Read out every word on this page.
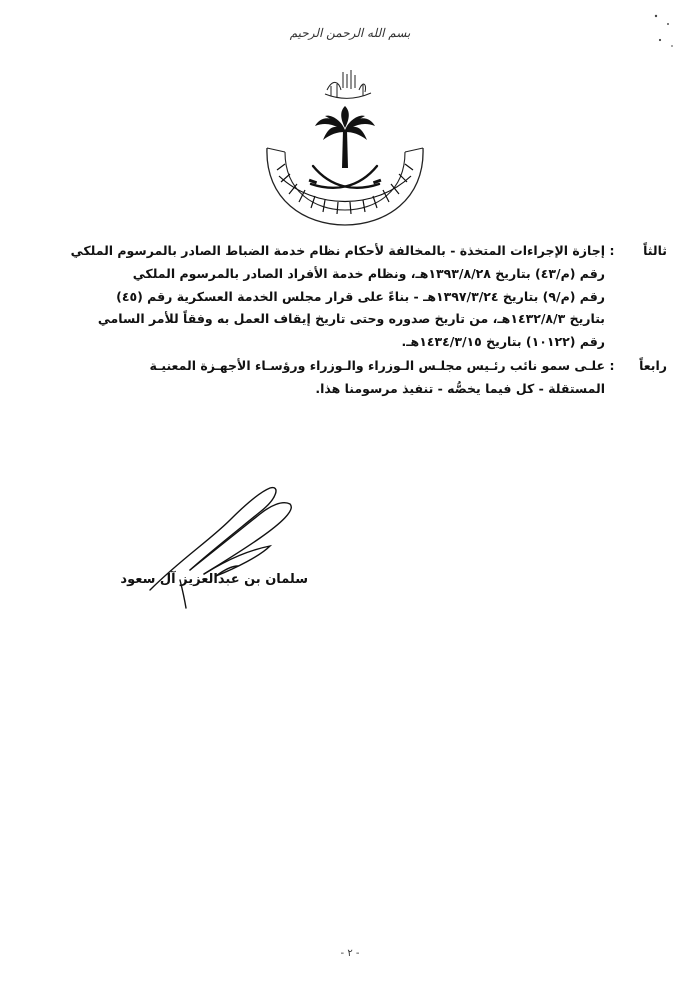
بسم الله الرحمن الرحيم
ثالثاً
:
إجازة الإجراءات المتخذة - بالمخالفة لأحكام نظام خدمة الضباط الصادر بالمرسوم الملكي
رقم (م/٤٣) بتاريخ ١٣٩٣/٨/٢٨هـ، ونظام خدمة الأفراد الصادر بالمرسوم الملكي
رقم (م/٩) بتاريخ ١٣٩٧/٣/٢٤هـ - بناءً على قرار مجلس الخدمة العسكرية رقم (٤٥)
بتاريخ ١٤٣٢/٨/٣هـ، من تاريخ صدوره وحتى تاريخ إيقاف العمل به وفقاً للأمر السامي
رقم (١٠١٢٢) بتاريخ ١٤٣٤/٣/١٥هـ.
رابعاً
:
علـى سمو نائب رئـيس مجلـس الـوزراء والـوزراء ورؤسـاء الأجهـزة المعنيـة
المستقلة - كل فيما يخصُّه - تنفيذ مرسومنا هذا.
سلمان بن عبدالعزيز آل سعود
- ٢ -
